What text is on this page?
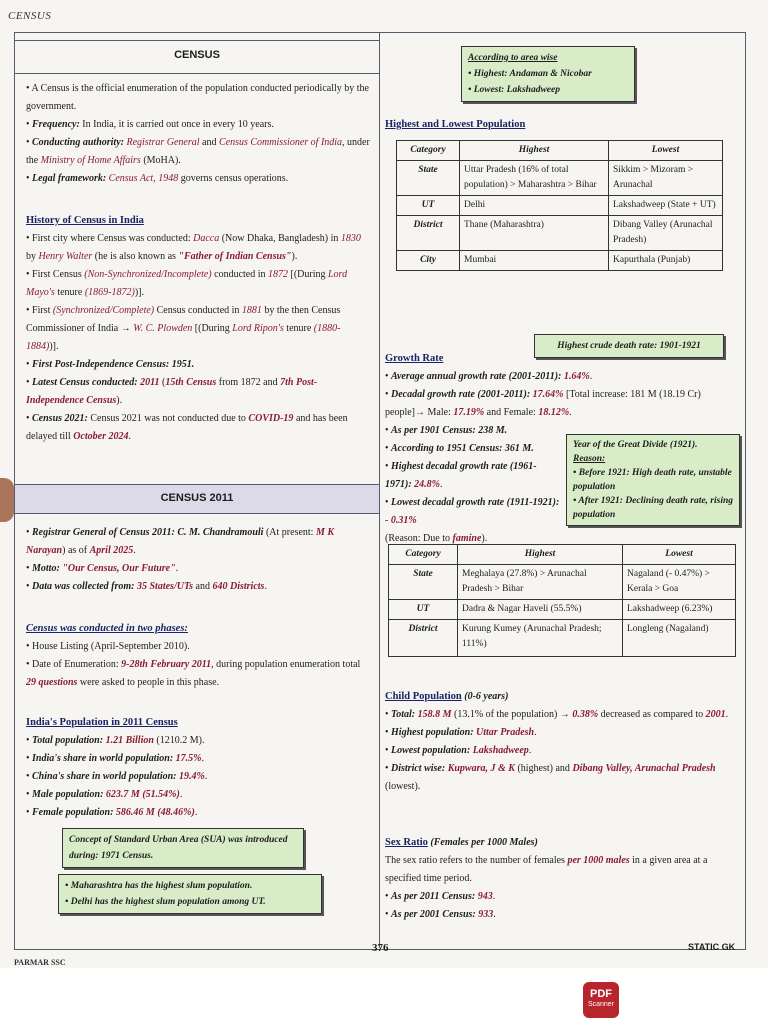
CENSUS
CENSUS

• A Census is the official enumeration of the population conducted periodically by the government.

• Frequency: In India, it is carried out once in every 10 years.

• Conducting authority: Registrar General and Census Commissioner of India, under the Ministry of Home Affairs (MoHA).

• Legal framework: Census Act, 1948 governs census operations.

History of Census in India

• First city where Census was conducted: Dacca (Now Dhaka, Bangladesh) in 1830 by Henry Walter (he is also known as "Father of Indian Census").

• First Census (Non-Synchronized/Incomplete) conducted in 1872 [(During Lord Mayo's tenure (1869-1872))].

• First (Synchronized/Complete) Census conducted in 1881 by the then Census Commissioner of India → W. C. Plowden [(During Lord Ripon's tenure (1880-1884))].

• First Post-Independence Census: 1951.

• Latest Census conducted: 2011 (15th Census from 1872 and 7th Post-Independence Census).

• Census 2021: Census 2021 was not conducted due to COVID-19 and has been delayed till October 2024.

CENSUS 2011

• Registrar General of Census 2011: C. M. Chandramouli (At present: M K Narayan) as of April 2025.

• Motto: "Our Census, Our Future".

• Data was collected from: 35 States/UTs and 640 Districts.

Census was conducted in two phases:

• House Listing (April-September 2010).

• Date of Enumeration: 9-28th February 2011, during population enumeration total 29 questions were asked to people in this phase.

India's Population in 2011 Census

• Total population: 1.21 Billion (1210.2 M).

• India's share in world population: 17.5%.

• China's share in world population: 19.4%.

• Male population: 623.7 M (51.54%).

• Female population: 586.46 M (48.46%).

Concept of Standard Urban Area (SUA) was introduced during: 1971 Census.

• Maharashtra has the highest slum population.

• Delhi has the highest slum population among UT.

According to area wise

• Highest: Andaman & Nicobar

• Lowest: Lakshadweep

Highest and Lowest Population

Category	Highest	Lowest
State	Uttar Pradesh (16% of total population) > Maharashtra > Bihar	Sikkim > Mizoram > Arunachal
UT	Delhi	Lakshadweep (State + UT)
District	Thane (Maharashtra)	Dibang Valley (Arunachal Pradesh)
City	Mumbai	Kapurthala (Punjab)
Highest crude death rate: 1901-1921

Growth Rate

• Average annual growth rate (2001-2011): 1.64%.

• Decadal growth rate (2001-2011): 17.64% [Total increase: 181 M (18.19 Cr) people]→ Male: 17.19% and Female: 18.12%.

• As per 1901 Census: 238 M.

• According to 1951 Census: 361 M.

• Highest decadal growth rate (1961-1971): 24.8%.

• Lowest decadal growth rate (1911-1921): - 0.31%

(Reason: Due to famine).

Year of the Great Divide (1921).

Reason:

• Before 1921: High death rate, unstable population

• After 1921: Declining death rate, rising population

Category	Highest	Lowest
State	Meghalaya (27.8%) > Arunachal Pradesh > Bihar	Nagaland (- 0.47%) > Kerala > Goa
UT	Dadra & Nagar Haveli (55.5%)	Lakshadweep (6.23%)
District	Kurung Kumey (Arunachal Pradesh; 111%)	Longleng (Nagaland)

Child Population (0-6 years)

• Total: 158.8 M (13.1% of the population) → 0.38% decreased as compared to 2001.

• Highest population: Uttar Pradesh.

• Lowest population: Lakshadweep.

• District wise: Kupwara, J & K (highest) and Dibang Valley, Arunachal Pradesh (lowest).

Sex Ratio (Females per 1000 Males)

The sex ratio refers to the number of females per 1000 males in a given area at a specified time period.

• As per 2011 Census: 943.

• As per 2001 Census: 933.

376	STATIC GK
PARMAR SSC
PDF
Scanner
